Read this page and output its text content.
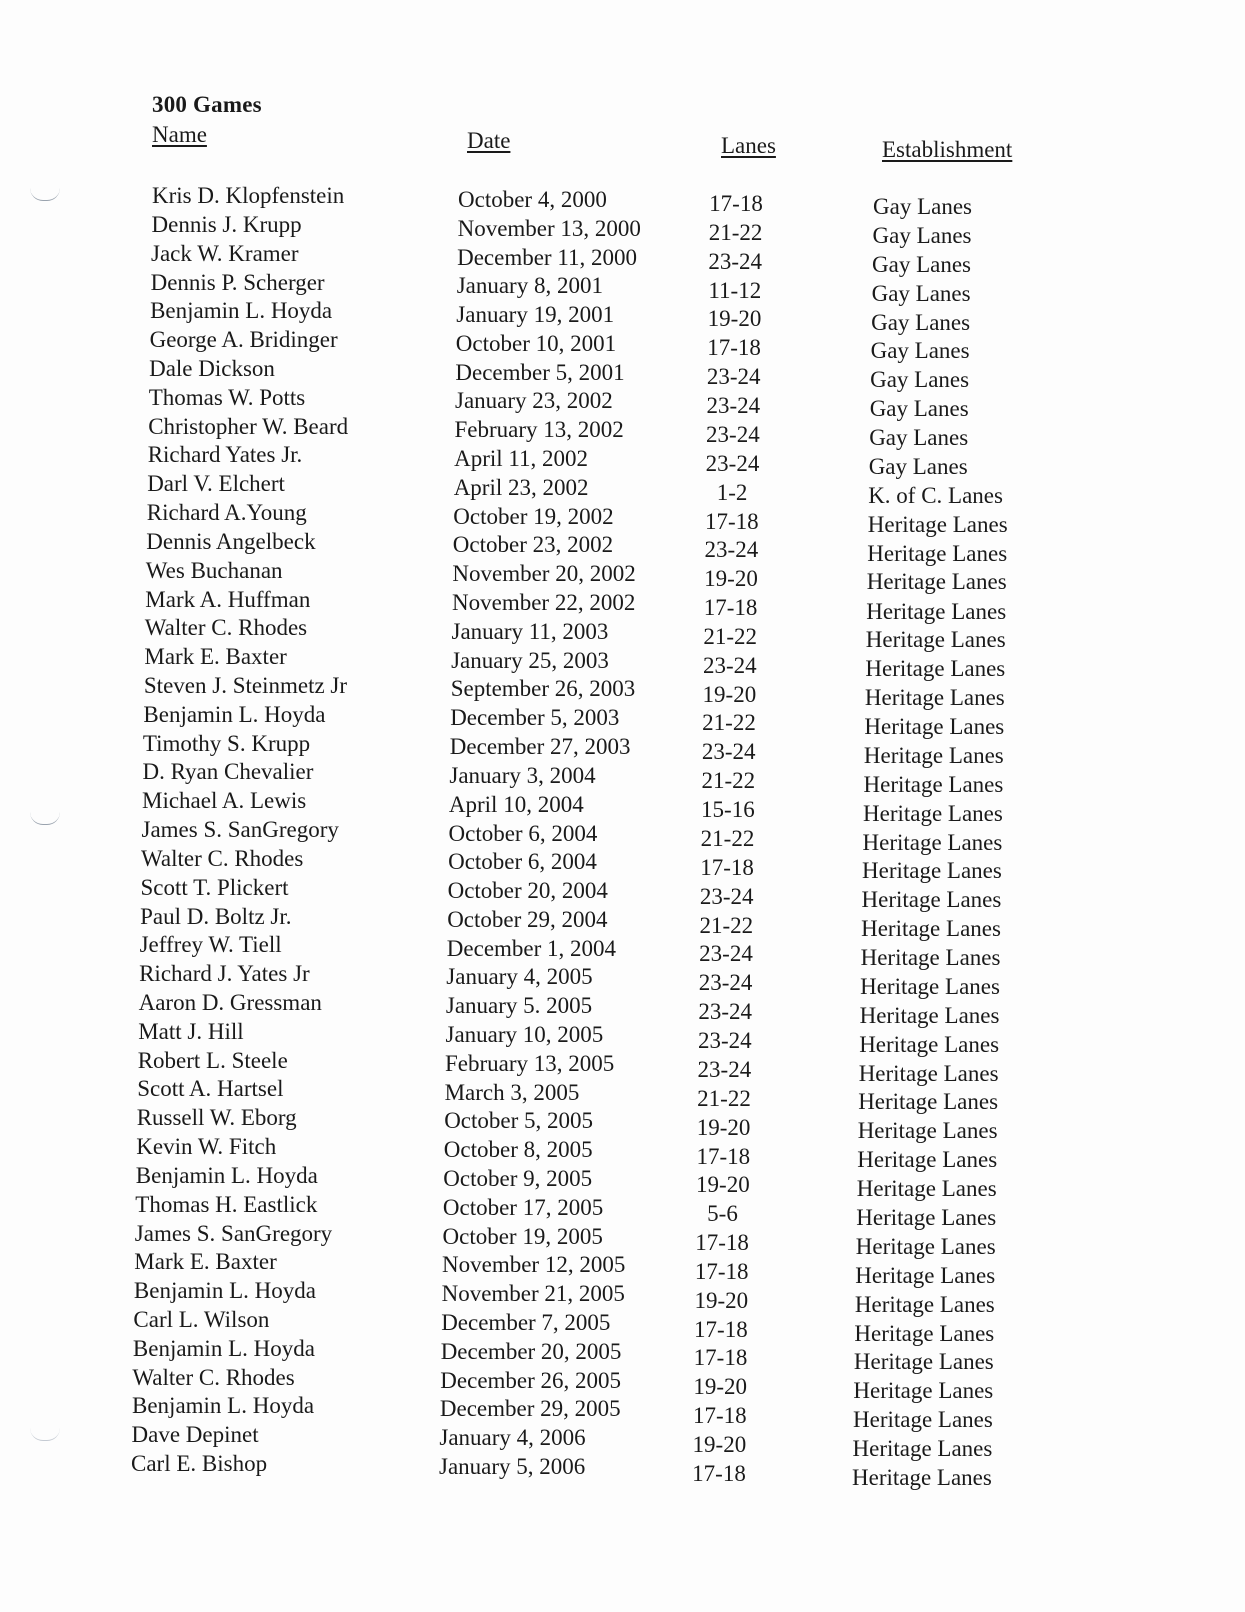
300 Games
Name	Date	Lanes	Establishment
Kris D. Klopfenstein	October 4, 2000	17-18	Gay Lanes
Dennis J. Krupp	November 13, 2000	21-22	Gay Lanes
Jack W. Kramer	December 11, 2000	23-24	Gay Lanes
Dennis P. Scherger	January 8, 2001	11-12	Gay Lanes
Benjamin L. Hoyda	January 19, 2001	19-20	Gay Lanes
George A. Bridinger	October 10, 2001	17-18	Gay Lanes
Dale Dickson	December 5, 2001	23-24	Gay Lanes
Thomas W. Potts	January 23, 2002	23-24	Gay Lanes
Christopher W. Beard	February 13, 2002	23-24	Gay Lanes
Richard Yates Jr.	April 11, 2002	23-24	Gay Lanes
Darl V. Elchert	April 23, 2002	1-2	K. of C. Lanes
Richard A.Young	October 19, 2002	17-18	Heritage Lanes
Dennis Angelbeck	October 23, 2002	23-24	Heritage Lanes
Wes Buchanan	November 20, 2002	19-20	Heritage Lanes
Mark A. Huffman	November 22, 2002	17-18	Heritage Lanes
Walter C. Rhodes	January 11, 2003	21-22	Heritage Lanes
Mark E. Baxter	January 25, 2003	23-24	Heritage Lanes
Steven J. Steinmetz Jr	September 26, 2003	19-20	Heritage Lanes
Benjamin L. Hoyda	December 5, 2003	21-22	Heritage Lanes
Timothy S. Krupp	December 27, 2003	23-24	Heritage Lanes
D. Ryan Chevalier	January 3, 2004	21-22	Heritage Lanes
Michael A. Lewis	April 10, 2004	15-16	Heritage Lanes
James S. SanGregory	October 6, 2004	21-22	Heritage Lanes
Walter C. Rhodes	October 6, 2004	17-18	Heritage Lanes
Scott T. Plickert	October 20, 2004	23-24	Heritage Lanes
Paul D. Boltz Jr.	October 29, 2004	21-22	Heritage Lanes
Jeffrey W. Tiell	December 1, 2004	23-24	Heritage Lanes
Richard J. Yates Jr	January 4, 2005	23-24	Heritage Lanes
Aaron D. Gressman	January 5. 2005	23-24	Heritage Lanes
Matt J. Hill	January 10, 2005	23-24	Heritage Lanes
Robert L. Steele	February 13, 2005	23-24	Heritage Lanes
Scott A. Hartsel	March 3, 2005	21-22	Heritage Lanes
Russell W. Eborg	October 5, 2005	19-20	Heritage Lanes
Kevin W. Fitch	October 8, 2005	17-18	Heritage Lanes
Benjamin L. Hoyda	October 9, 2005	19-20	Heritage Lanes
Thomas H. Eastlick	October 17, 2005	5-6	Heritage Lanes
James S. SanGregory	October 19, 2005	17-18	Heritage Lanes
Mark E. Baxter	November 12, 2005	17-18	Heritage Lanes
Benjamin L. Hoyda	November 21, 2005	19-20	Heritage Lanes
Carl L. Wilson	December 7, 2005	17-18	Heritage Lanes
Benjamin L. Hoyda	December 20, 2005	17-18	Heritage Lanes
Walter C. Rhodes	December 26, 2005	19-20	Heritage Lanes
Benjamin L. Hoyda	December 29, 2005	17-18	Heritage Lanes
Dave Depinet	January 4, 2006	19-20	Heritage Lanes
Carl E. Bishop	January 5, 2006	17-18	Heritage Lanes
